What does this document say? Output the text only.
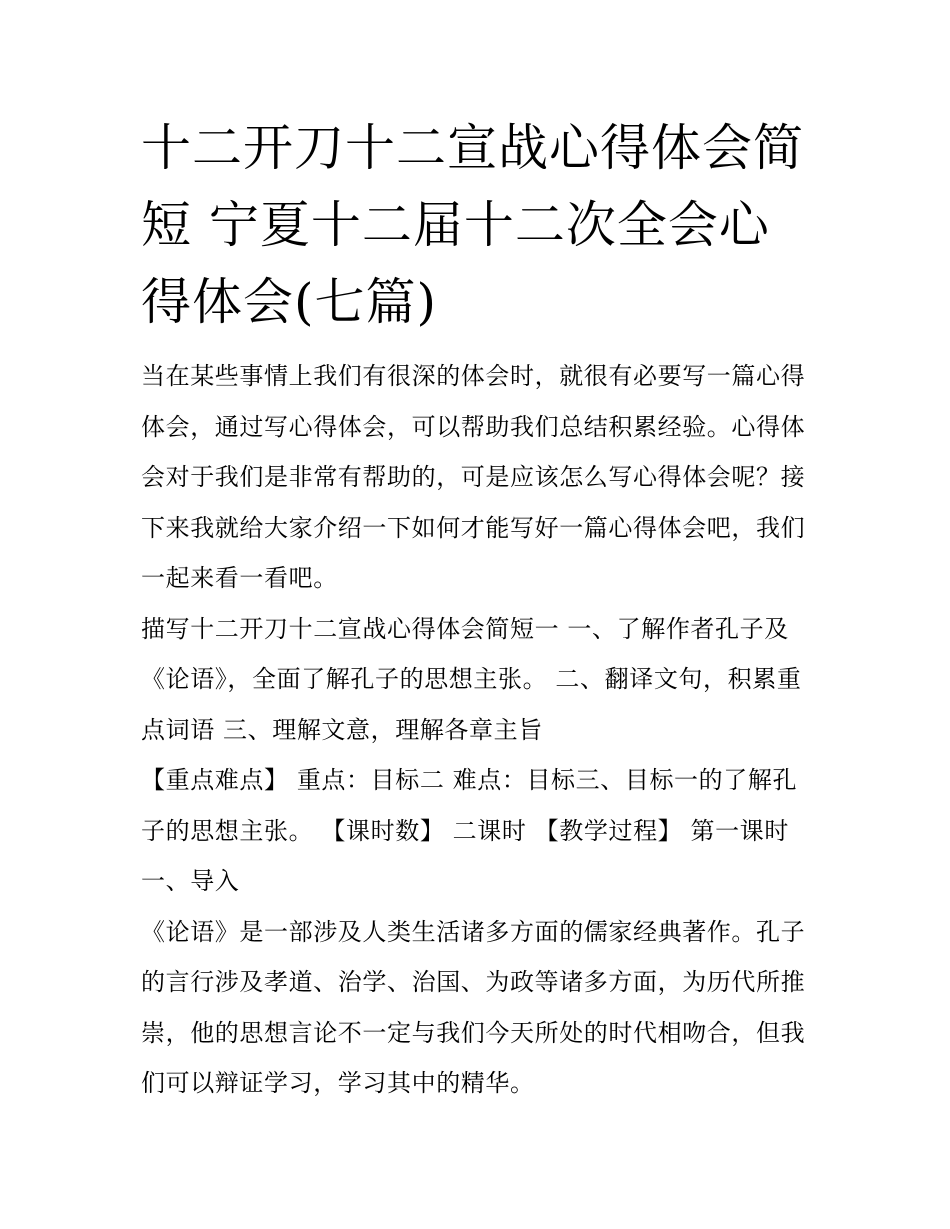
十二开刀十二宣战心得体会简短 宁夏十二届十二次全会心得体会(七篇)

当在某些事情上我们有很深的体会时，就很有必要写一篇心得体会，通过写心得体会，可以帮助我们总结积累经验。心得体会对于我们是非常有帮助的，可是应该怎么写心得体会呢？接下来我就给大家介绍一下如何才能写好一篇心得体会吧，我们一起来看一看吧。

描写十二开刀十二宣战心得体会简短一 一、了解作者孔子及《论语》，全面了解孔子的思想主张。 二、翻译文句，积累重点词语 三、理解文意，理解各章主旨

【重点难点】 重点：目标二 难点：目标三、目标一的了解孔子的思想主张。 【课时数】 二课时 【教学过程】 第一课时 一、导入

《论语》是一部涉及人类生活诸多方面的儒家经典著作。孔子的言行涉及孝道、治学、治国、为政等诸多方面，为历代所推崇，他的思想言论不一定与我们今天所处的时代相吻合，但我们可以辩证学习，学习其中的精华。
